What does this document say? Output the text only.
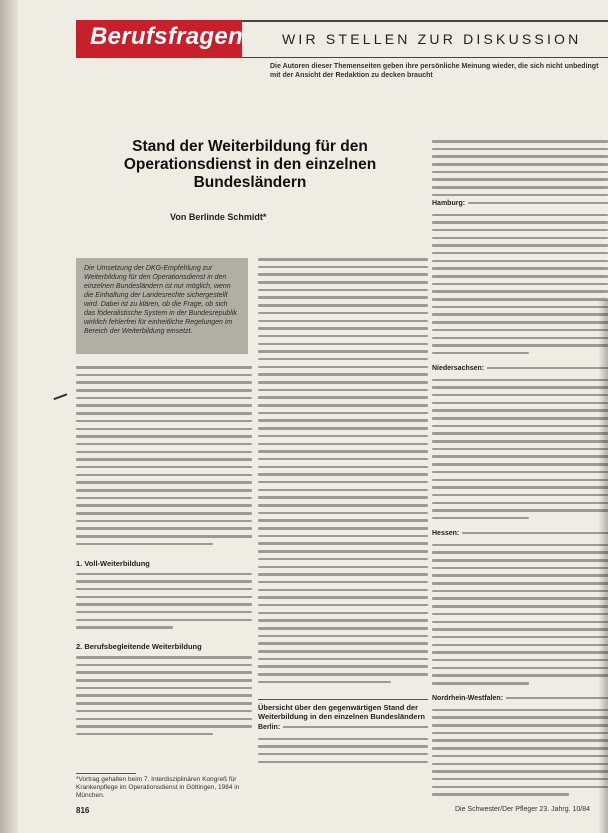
Berufsfragen	WIR STELLEN ZUR DISKUSSION
Die Autoren dieser Themenseiten geben ihre persönliche Meinung wieder, die sich nicht unbedingt mit der Ansicht der Redaktion zu decken braucht
Stand der Weiterbildung für den Operationsdienst in den einzelnen Bundesländern
Von Berlinde Schmidt*
Die Umsetzung der DKG-Empfehlung zur Weiterbildung für den Operationsdienst in den einzelnen Bundesländern ist nur möglich, wenn die Einhaltung der Landesrechte sichergestellt wird. Dabei ist zu klären, ob die Frage, ob sich das föderalistische System in der Bundesrepublik wirklich fehlerfrei für einheitliche Regelungen im Bereich der Weiterbildung einsetzt.
1. Voll-Weiterbildung
2. Berufsbegleitende Weiterbildung
Übersicht über den gegenwärtigen Stand der Weiterbildung in den einzelnen Bundesländern
Berlin:
Hamburg:
Niedersachsen:
Hessen:
Nordrhein-Westfalen:
*Vortrag gehalten beim 7. Interdisziplinären Kongreß für Krankenpflege im Operationsdienst in Göttingen, 1984 in München.
816	Die Schwester/Der Pfleger 23. Jahrg. 10/84
